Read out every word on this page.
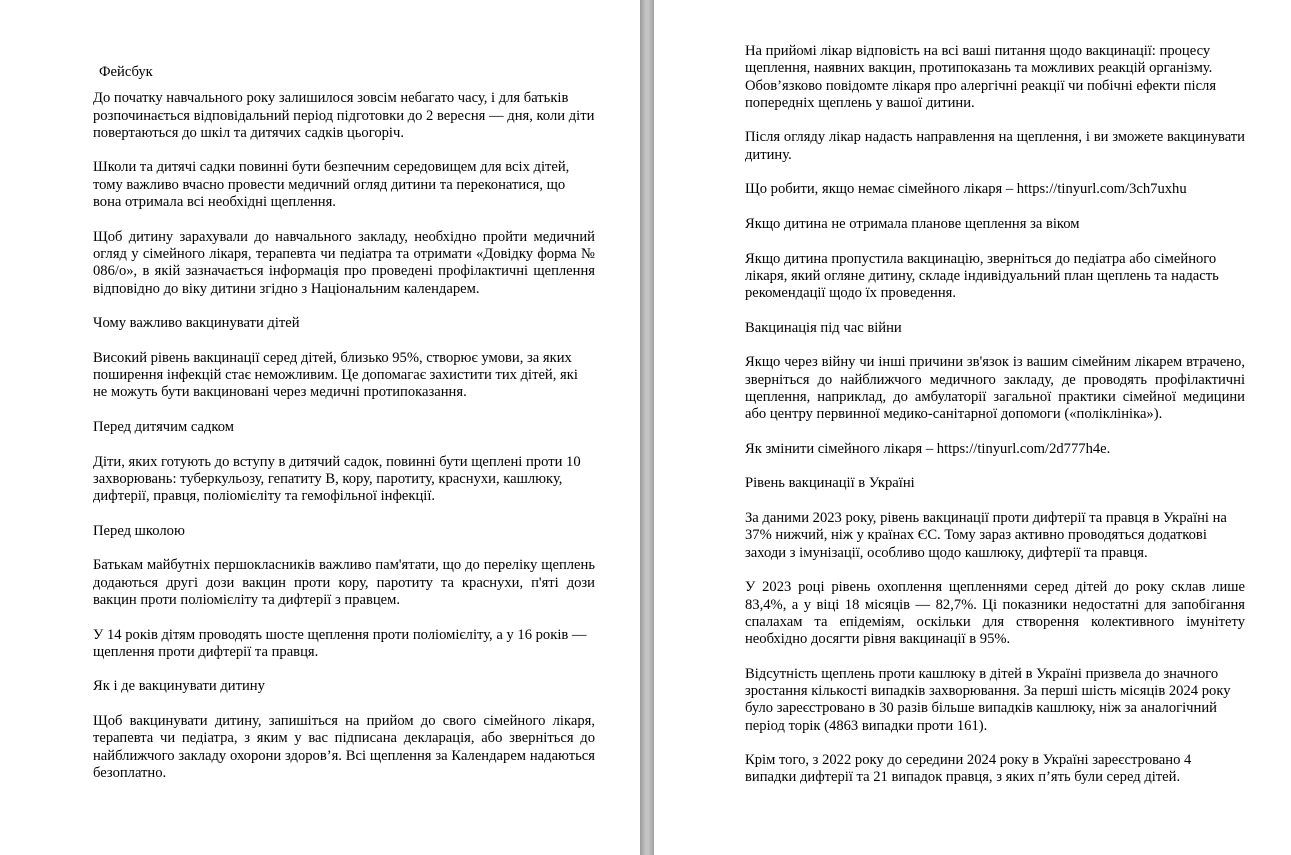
Фейсбук

До початку навчального року залишилося зовсім небагато часу, і для батьків розпочинається відповідальний період підготовки до 2 вересня — дня, коли діти повертаються до шкіл та дитячих садків цьогоріч.

Школи та дитячі садки повинні бути безпечним середовищем для всіх дітей, тому важливо вчасно провести медичний огляд дитини та переконатися, що вона отримала всі необхідні щеплення.

Щоб дитину зарахували до навчального закладу, необхідно пройти медичний огляд у сімейного лікаря, терапевта чи педіатра та отримати «Довідку форма № 086/о», в якій зазначається інформація про проведені профілактичні щеплення відповідно до віку дитини згідно з Національним календарем.

Чому важливо вакцинувати дітей

Високий рівень вакцинації серед дітей, близько 95%, створює умови, за яких поширення інфекцій стає неможливим. Це допомагає захистити тих дітей, які не можуть бути вакциновані через медичні протипоказання.

Перед дитячим садком

Діти, яких готують до вступу в дитячий садок, повинні бути щеплені проти 10

захворювань: туберкульозу, гепатиту В, кору, паротиту, краснухи, кашлюку, дифтерії, правця, поліомієліту та гемофільної інфекції.

Перед школою

Батькам майбутніх першокласників важливо пам'ятати, що до переліку щеплень додаються другі дози вакцин проти кору, паротиту та краснухи, п'яті дози вакцин проти поліомієліту та дифтерії з правцем.

У 14 років дітям проводять шосте щеплення проти поліомієліту, а у 16 років — щеплення проти дифтерії та правця.

Як і де вакцинувати дитину

Щоб вакцинувати дитину, запишіться на прийом до свого сімейного лікаря, терапевта чи педіатра, з яким у вас підписана декларація, або зверніться до найближчого закладу охорони здоров’я. Всі щеплення за Календарем надаються безоплатно.

На прийомі лікар відповість на всі ваші питання щодо вакцинації: процесу щеплення, наявних вакцин, протипоказань та можливих реакцій організму. Обов’язково повідомте лікаря про алергічні реакції чи побічні ефекти після попередніх щеплень у вашої дитини.

Після огляду лікар надасть направлення на щеплення, і ви зможете вакцинувати дитину.

Що робити, якщо немає сімейного лікаря – https://tinyurl.com/3ch7uxhu

Якщо дитина не отримала планове щеплення за віком

Якщо дитина пропустила вакцинацію, зверніться до педіатра або сімейного лікаря, який огляне дитину, складе індивідуальний план щеплень та надасть рекомендації щодо їх проведення.

Вакцинація під час війни

Якщо через війну чи інші причини зв'язок із вашим сімейним лікарем втрачено, зверніться до найближчого медичного закладу, де проводять профілактичні щеплення, наприклад, до амбулаторії загальної практики сімейної медицини або центру первинної медико-санітарної допомоги («поліклініка»).

Як змінити сімейного лікаря – https://tinyurl.com/2d777h4e.

Рівень вакцинації в Україні

За даними 2023 року, рівень вакцинації проти дифтерії та правця в Україні на 37% нижчий, ніж у країнах ЄС. Тому зараз активно проводяться додаткові заходи з імунізації, особливо щодо кашлюку, дифтерії та правця.

У 2023 році рівень охоплення щепленнями серед дітей до року склав лише 83,4%, а у віці 18 місяців — 82,7%. Ці показники недостатні для запобігання спалахам та епідеміям, оскільки для створення колективного імунітету необхідно досягти рівня вакцинації в 95%.

Відсутність щеплень проти кашлюку в дітей в Україні призвела до значного зростання кількості випадків захворювання. За перші шість місяців 2024 року було зареєстровано в 30 разів більше випадків кашлюку, ніж за аналогічний період торік (4863 випадки проти 161).

Крім того, з 2022 року до середини 2024 року в Україні зареєстровано 4 випадки дифтерії та 21 випадок правця, з яких п’ять були серед дітей.
